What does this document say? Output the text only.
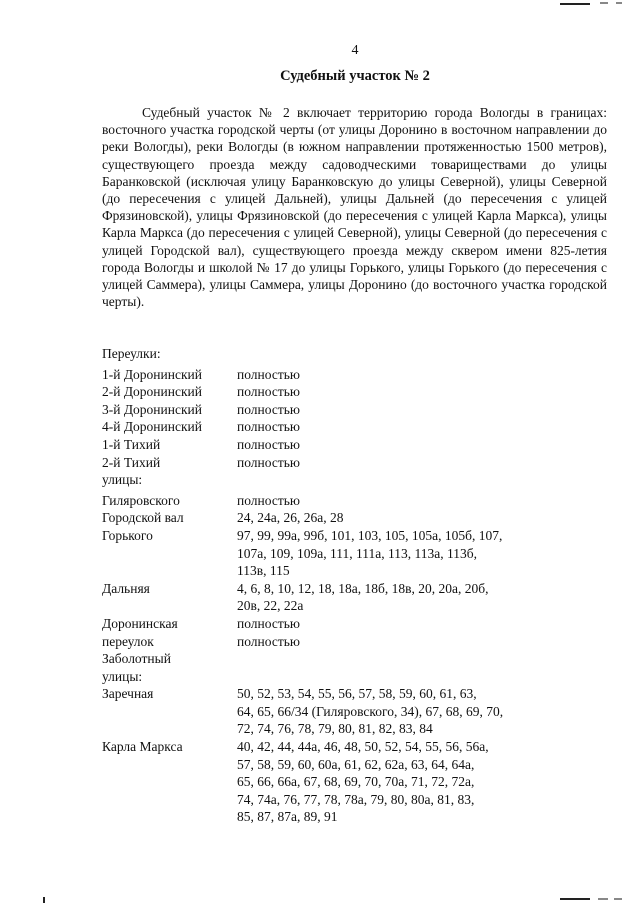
4
Судебный участок № 2

Судебный участок № 2 включает территорию города Вологды в границах: восточного участка городской черты (от улицы Доронино в восточном направлении до реки Вологды), реки Вологды (в южном направлении протяженностью 1500 метров), существующего проезда между садоводческими товариществами до улицы Баранковской (исключая улицу Баранковскую до улицы Северной), улицы Северной (до пересечения с улицей Дальней), улицы Дальней (до пересечения с улицей Фрязиновской), улицы Фрязиновской (до пересечения с улицей Карла Маркса), улицы Карла Маркса (до пересечения с улицей Северной), улицы Северной (до пересечения с улицей Городской вал), существующего проезда между сквером имени 825-летия города Вологды и школой № 17 до улицы Горького, улицы Горького (до пересечения с улицей Саммера), улицы Саммера, улицы Доронино (до восточного участка городской черты).

Переулки:
1-й Доронинский	полностью
2-й Доронинский	полностью
3-й Доронинский	полностью
4-й Доронинский	полностью
1-й Тихий	полностью
2-й Тихий	полностью
улицы:
Гиляровского	полностью
Городской вал	24, 24а, 26, 26а, 28
Горького	97, 99, 99а, 99б, 101, 103, 105, 105а, 105б, 107,
107а, 109, 109а, 111, 111а, 113, 113а, 113б,
113в, 115
Дальняя	4, 6, 8, 10, 12, 18, 18а, 18б, 18в, 20, 20а, 20б,
20в, 22, 22а
Доронинская	полностью
переулок	полностью
Заболотный
улицы:
Заречная	50, 52, 53, 54, 55, 56, 57, 58, 59, 60, 61, 63,
64, 65, 66/34 (Гиляровского, 34), 67, 68, 69, 70,
72, 74, 76, 78, 79, 80, 81, 82, 83, 84
Карла Маркса	40, 42, 44, 44а, 46, 48, 50, 52, 54, 55, 56, 56а,
57, 58, 59, 60, 60а, 61, 62, 62а, 63, 64, 64а,
65, 66, 66а, 67, 68, 69, 70, 70а, 71, 72, 72а,
74, 74а, 76, 77, 78, 78а, 79, 80, 80а, 81, 83,
85, 87, 87а, 89, 91
